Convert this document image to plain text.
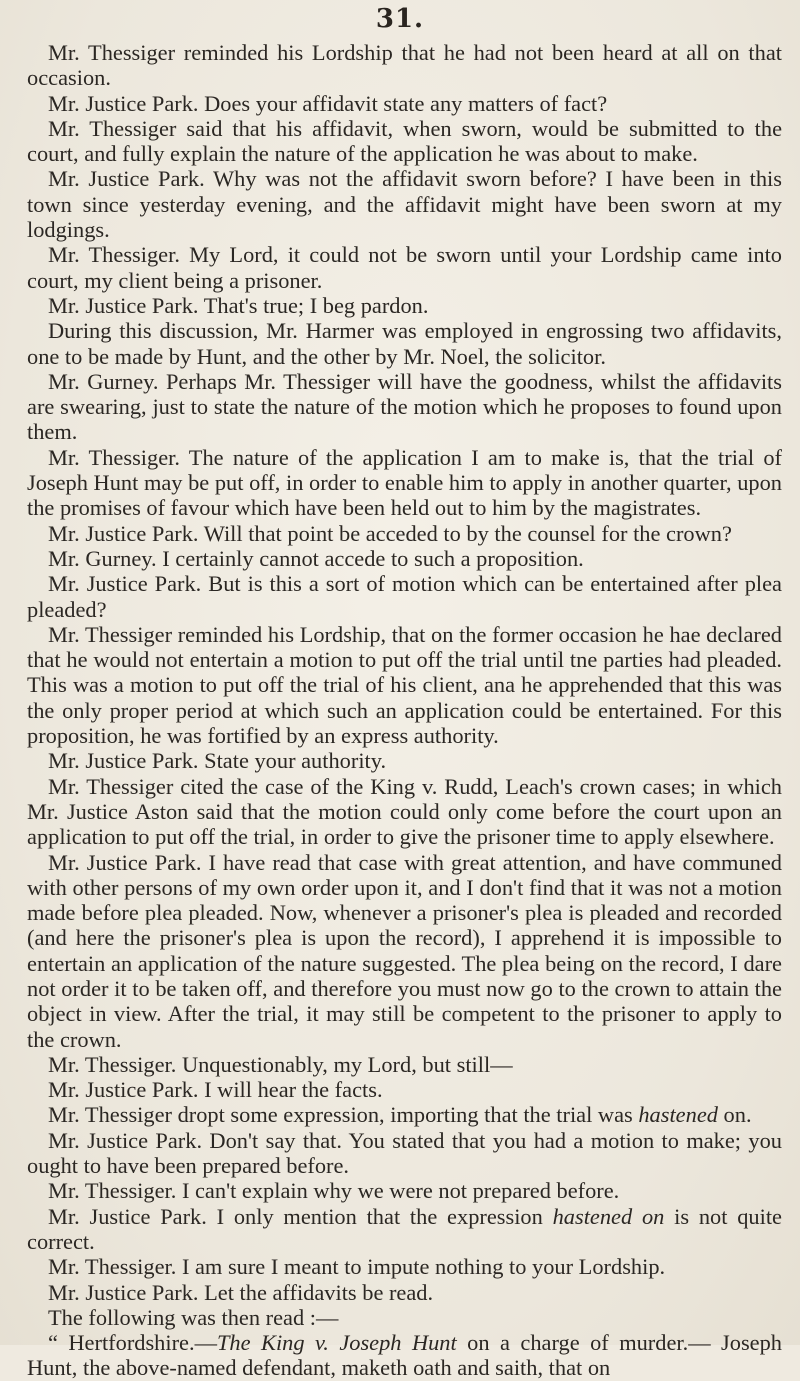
31.

Mr. Thessiger reminded his Lordship that he had not been heard at all on that occasion.

Mr. Justice Park. Does your affidavit state any matters of fact?

Mr. Thessiger said that his affidavit, when sworn, would be submitted to the court, and fully explain the nature of the application he was about to make.

Mr. Justice Park. Why was not the affidavit sworn before? I have been in this town since yesterday evening, and the affidavit might have been sworn at my lodgings.

Mr. Thessiger. My Lord, it could not be sworn until your Lordship came into court, my client being a prisoner.

Mr. Justice Park. That's true; I beg pardon.

During this discussion, Mr. Harmer was employed in engrossing two affidavits, one to be made by Hunt, and the other by Mr. Noel, the solicitor.

Mr. Gurney. Perhaps Mr. Thessiger will have the goodness, whilst the affidavits are swearing, just to state the nature of the motion which he proposes to found upon them.

Mr. Thessiger. The nature of the application I am to make is, that the trial of Joseph Hunt may be put off, in order to enable him to apply in another quarter, upon the promises of favour which have been held out to him by the magistrates.

Mr. Justice Park. Will that point be acceded to by the counsel for the crown?

Mr. Gurney. I certainly cannot accede to such a proposition.

Mr. Justice Park. But is this a sort of motion which can be entertained after plea pleaded?

Mr. Thessiger reminded his Lordship, that on the former occasion he hae declared that he would not entertain a motion to put off the trial until tne parties had pleaded. This was a motion to put off the trial of his client, ana he apprehended that this was the only proper period at which such an application could be entertained. For this proposition, he was fortified by an express authority.

Mr. Justice Park. State your authority.

Mr. Thessiger cited the case of the King v. Rudd, Leach's crown cases; in which Mr. Justice Aston said that the motion could only come before the court upon an application to put off the trial, in order to give the prisoner time to apply elsewhere.

Mr. Justice Park. I have read that case with great attention, and have communed with other persons of my own order upon it, and I don't find that it was not a motion made before plea pleaded. Now, whenever a prisoner's plea is pleaded and recorded (and here the prisoner's plea is upon the record), I apprehend it is impossible to entertain an application of the nature suggested. The plea being on the record, I dare not order it to be taken off, and therefore you must now go to the crown to attain the object in view. After the trial, it may still be competent to the prisoner to apply to the crown.

Mr. Thessiger. Unquestionably, my Lord, but still—

Mr. Justice Park. I will hear the facts.

Mr. Thessiger dropt some expression, importing that the trial was hastened on.

Mr. Justice Park. Don't say that. You stated that you had a motion to make; you ought to have been prepared before.

Mr. Thessiger. I can't explain why we were not prepared before.

Mr. Justice Park. I only mention that the expression hastened on is not quite correct.

Mr. Thessiger. I am sure I meant to impute nothing to your Lordship.

Mr. Justice Park. Let the affidavits be read.

The following was then read :—

“ Hertfordshire.—The King v. Joseph Hunt on a charge of murder.— Joseph Hunt, the above-named defendant, maketh oath and saith, that on
